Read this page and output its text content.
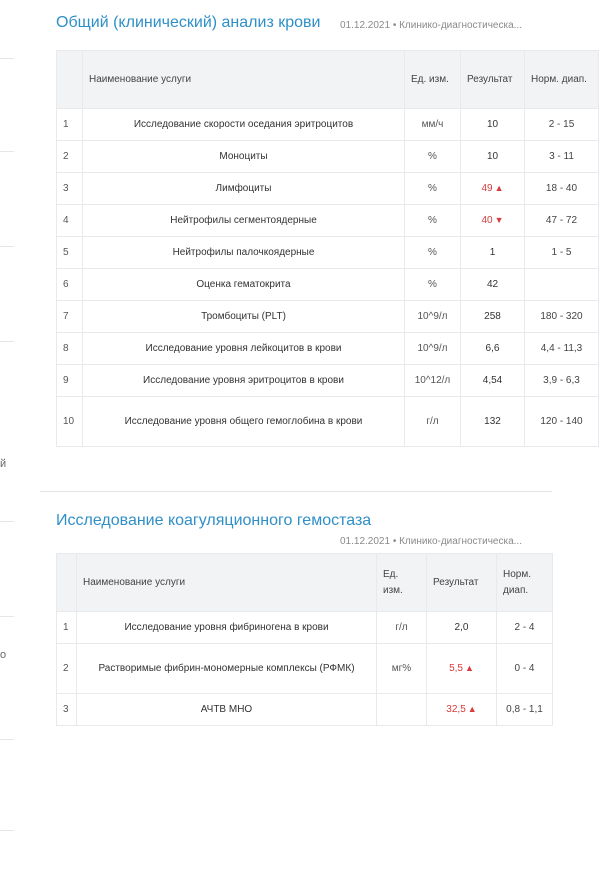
й
о
Общий (клинический) анализ крови 01.12.2021 • Клинико-диагностическа...
	Наименование услуги	Ед. изм.	Результат	Норм. диап.
1	Исследование скорости оседания эритроцитов	мм/ч	10	2 - 15
2	Моноциты	%	10	3 - 11
3	Лимфоциты	%	49 ▲	18 - 40
4	Нейтрофилы сегментоядерные	%	40 ▼	47 - 72
5	Нейтрофилы палочкоядерные	%	1	1 - 5
6	Оценка гематокрита	%	42	
7	Тромбоциты (PLT)	10^9/л	258	180 - 320
8	Исследование уровня лейкоцитов в крови	10^9/л	6,6	4,4 - 11,3
9	Исследование уровня эритроцитов в крови	10^12/л	4,54	3,9 - 6,3
10	Исследование уровня общего гемоглобина в крови	г/л	132	120 - 140
Исследование коагуляционного гемостаза
01.12.2021 • Клинико-диагностическа...
	Наименование услуги	Ед. изм.	Результат	Норм. диап.
1	Исследование уровня фибриногена в крови	г/л	2,0	2 - 4
2	Растворимые фибрин-мономерные комплексы (РФМК)	мг%	5,5 ▲	0 - 4
3	АЧТВ МНО		32,5 ▲	0,8 - 1,1
